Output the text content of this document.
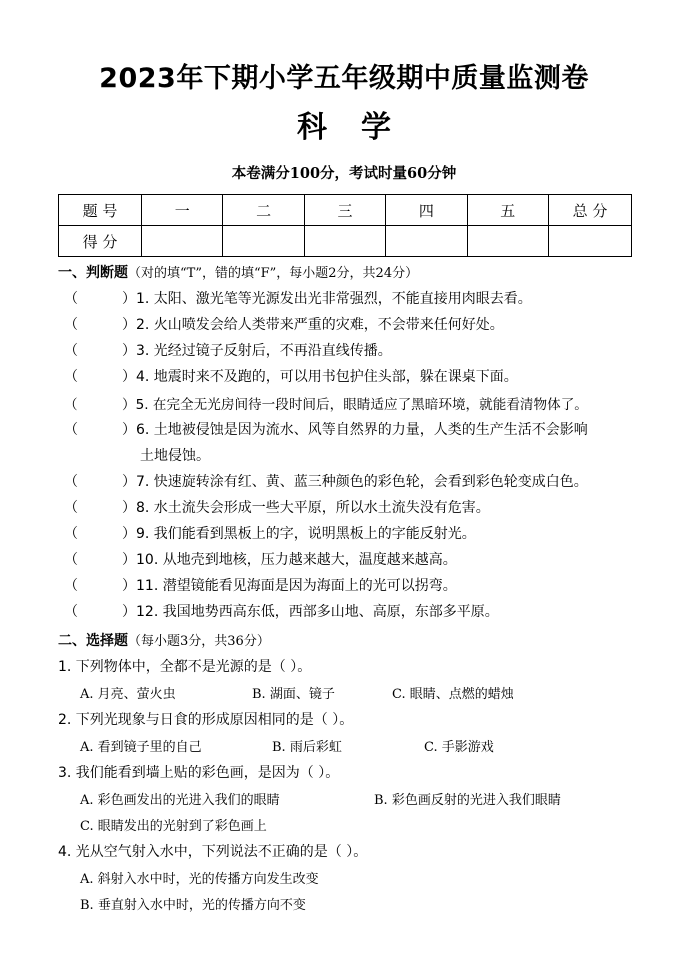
2023年下期小学五年级期中质量监测卷
科学
本卷满分100分，考试时量60分钟
题 号	一	二	三	四	五	总 分
得 分						
一、判断题（对的填“T”，错的填“F”，每小题2分，共24分）
（	）1. 太阳、激光笔等光源发出光非常强烈，不能直接用肉眼去看。
（	）2. 火山喷发会给人类带来严重的灾难，不会带来任何好处。
（	）3. 光经过镜子反射后，不再沿直线传播。
（	）4. 地震时来不及跑的，可以用书包护住头部，躲在课桌下面。
（	）5. 在完全无光房间待一段时间后，眼睛适应了黑暗环境，就能看清物体了。
（	）6. 土地被侵蚀是因为流水、风等自然界的力量，人类的生产生活不会影响
土地侵蚀。
（	）7. 快速旋转涂有红、黄、蓝三种颜色的彩色轮，会看到彩色轮变成白色。
（	）8. 水土流失会形成一些大平原，所以水土流失没有危害。
（	）9. 我们能看到黑板上的字，说明黑板上的字能反射光。
（	）10. 从地壳到地核，压力越来越大，温度越来越高。
（	）11. 潜望镜能看见海面是因为海面上的光可以拐弯。
（	）12. 我国地势西高东低，西部多山地、高原，东部多平原。
二、选择题（每小题3分，共36分）
1. 下列物体中，全都不是光源的是（ ）。
A. 月亮、萤火虫	B. 湖面、镜子	C. 眼睛、点燃的蜡烛
2. 下列光现象与日食的形成原因相同的是（ ）。
A. 看到镜子里的自己	B. 雨后彩虹	C. 手影游戏
3. 我们能看到墙上贴的彩色画，是因为（ ）。
A. 彩色画发出的光进入我们的眼睛	B. 彩色画反射的光进入我们眼睛
C. 眼睛发出的光射到了彩色画上
4. 光从空气射入水中，下列说法不正确的是（ ）。
A. 斜射入水中时，光的传播方向发生改变
B. 垂直射入水中时，光的传播方向不变
